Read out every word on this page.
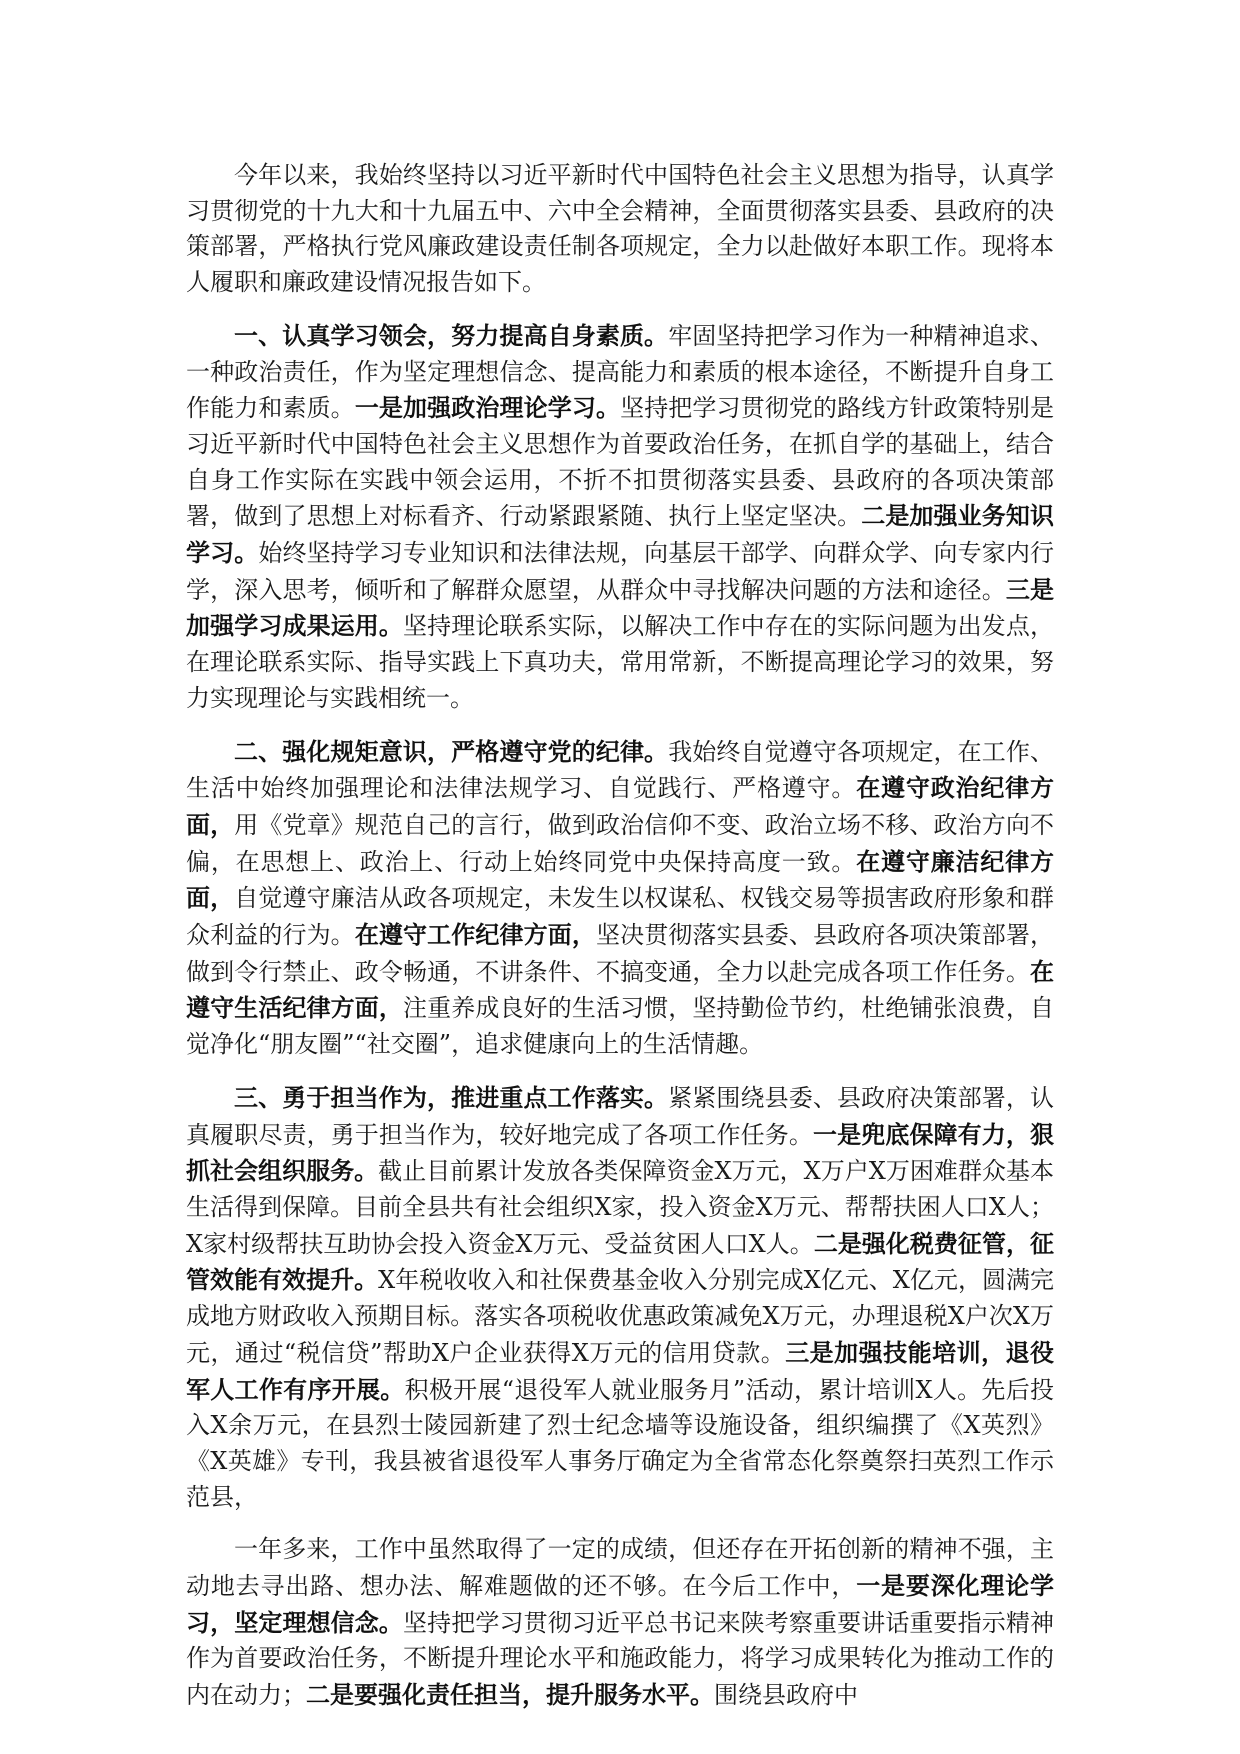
今年以来，我始终坚持以习近平新时代中国特色社会主义思想为指导，认真学习贯彻党的十九大和十九届五中、六中全会精神，全面贯彻落实县委、县政府的决策部署，严格执行党风廉政建设责任制各项规定，全力以赴做好本职工作。现将本人履职和廉政建设情况报告如下。

一、认真学习领会，努力提高自身素质。牢固坚持把学习作为一种精神追求、一种政治责任，作为坚定理想信念、提高能力和素质的根本途径，不断提升自身工作能力和素质。一是加强政治理论学习。坚持把学习贯彻党的路线方针政策特别是习近平新时代中国特色社会主义思想作为首要政治任务，在抓自学的基础上，结合自身工作实际在实践中领会运用，不折不扣贯彻落实县委、县政府的各项决策部署，做到了思想上对标看齐、行动紧跟紧随、执行上坚定坚决。二是加强业务知识学习。始终坚持学习专业知识和法律法规，向基层干部学、向群众学、向专家内行学，深入思考，倾听和了解群众愿望，从群众中寻找解决问题的方法和途径。三是加强学习成果运用。坚持理论联系实际，以解决工作中存在的实际问题为出发点，在理论联系实际、指导实践上下真功夫，常用常新，不断提高理论学习的效果，努力实现理论与实践相统一。

二、强化规矩意识，严格遵守党的纪律。我始终自觉遵守各项规定，在工作、生活中始终加强理论和法律法规学习、自觉践行、严格遵守。在遵守政治纪律方面，用《党章》规范自己的言行，做到政治信仰不变、政治立场不移、政治方向不偏，在思想上、政治上、行动上始终同党中央保持高度一致。在遵守廉洁纪律方面，自觉遵守廉洁从政各项规定，未发生以权谋私、权钱交易等损害政府形象和群众利益的行为。在遵守工作纪律方面，坚决贯彻落实县委、县政府各项决策部署，做到令行禁止、政令畅通，不讲条件、不搞变通，全力以赴完成各项工作任务。在遵守生活纪律方面，注重养成良好的生活习惯，坚持勤俭节约，杜绝铺张浪费，自觉净化“朋友圈”“社交圈”，追求健康向上的生活情趣。

三、勇于担当作为，推进重点工作落实。紧紧围绕县委、县政府决策部署，认真履职尽责，勇于担当作为，较好地完成了各项工作任务。一是兜底保障有力，狠抓社会组织服务。截止目前累计发放各类保障资金X万元，X万户X万困难群众基本生活得到保障。目前全县共有社会组织X家，投入资金X万元、帮帮扶困人口X人；X家村级帮扶互助协会投入资金X万元、受益贫困人口X人。二是强化税费征管，征管效能有效提升。X年税收收入和社保费基金收入分别完成X亿元、X亿元，圆满完成地方财政收入预期目标。落实各项税收优惠政策减免X万元，办理退税X户次X万元，通过“税信贷”帮助X户企业获得X万元的信用贷款。三是加强技能培训，退役军人工作有序开展。积极开展“退役军人就业服务月”活动，累计培训X人。先后投入X余万元，在县烈士陵园新建了烈士纪念墙等设施设备，组织编撰了《X英烈》《X英雄》专刊，我县被省退役军人事务厅确定为全省常态化祭奠祭扫英烈工作示范县，

一年多来，工作中虽然取得了一定的成绩，但还存在开拓创新的精神不强，主动地去寻出路、想办法、解难题做的还不够。在今后工作中，一是要深化理论学习，坚定理想信念。坚持把学习贯彻习近平总书记来陕考察重要讲话重要指示精神作为首要政治任务，不断提升理论水平和施政能力，将学习成果转化为推动工作的内在动力；二是要强化责任担当，提升服务水平。围绕县政府中
